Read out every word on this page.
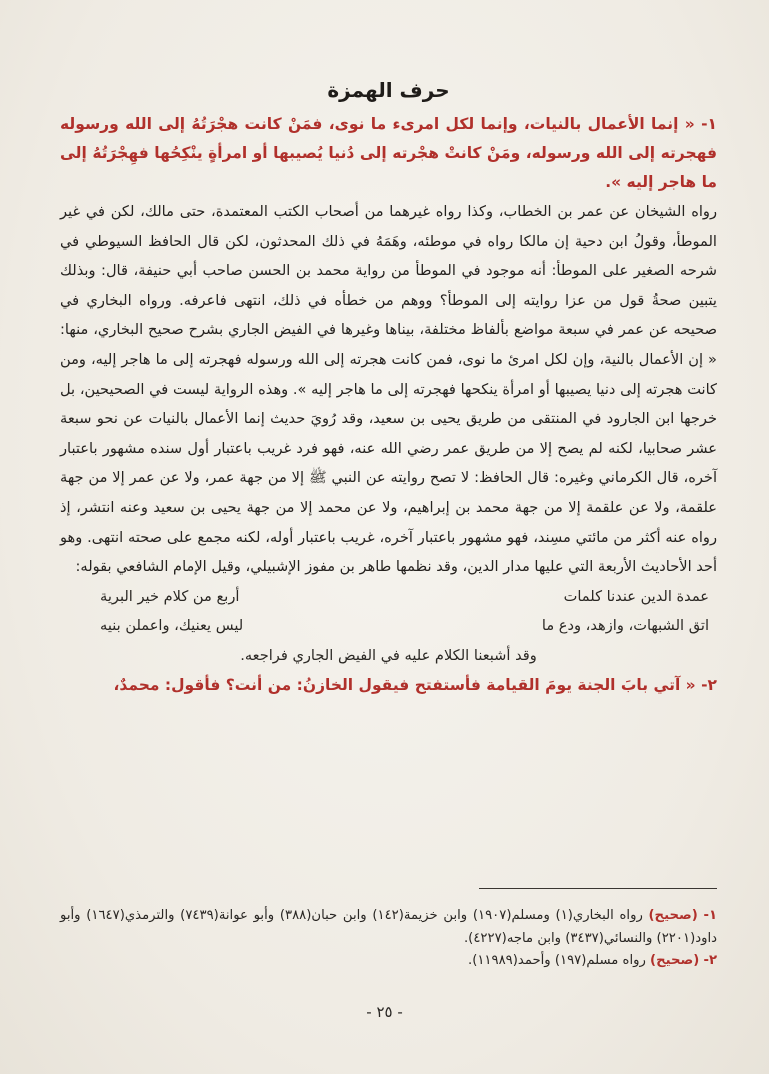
حرف الهمزة

١- « إنما الأعمال بالنيات، وإنما لكل امرىء ما نوى، فمَنْ كانت هجْرَتُهُ إلى الله ورسوله فهجرته إلى الله ورسوله، ومَنْ كانتْ هجْرته إلى دُنيا يُصيبها أو امرأةٍ ينْكِحُها فهِجْرَتُهُ إلى ما هاجر إليه ».

رواه الشيخان عن عمر بن الخطاب، وكذا رواه غيرهما من أصحاب الكتب المعتمدة، حتى مالك، لكن في غير الموطأ، وقولُ ابن دحية إن مالكا رواه في موطئه، وهَمَهُ في ذلك المحدثون، لكن قال الحافظ السيوطي في شرحه الصغير على الموطأ: أنه موجود في الموطأ من رواية محمد بن الحسن صاحب أبي حنيفة، قال: وبذلك يتبين صحةُ قول من عزا روايته إلى الموطأ؟ ووهم من خطأه في ذلك، انتهى فاعرفه. ورواه البخاري في صحيحه عن عمر في سبعة مواضع بألفاظ مختلفة، بيناها وغيرها في الفيض الجاري بشرح صحيح البخاري، منها: « إن الأعمال بالنية، وإن لكل امرئ ما نوى، فمن كانت هجرته إلى الله ورسوله فهجرته إلى ما هاجر إليه، ومن كانت هجرته إلى دنيا يصيبها أو امرأة ينكحها فهجرته إلى ما هاجر إليه ». وهذه الرواية ليست في الصحيحين، بل خرجها ابن الجارود في المنتقى من طريق يحيى بن سعيد، وقد رُويَ حديث إنما الأعمال بالنيات عن نحو سبعة عشر صحابيا، لكنه لم يصح إلا من طريق عمر رضي الله عنه، فهو فرد غريب باعتبار أول سنده مشهور باعتبار آخره، قال الكرماني وغيره: قال الحافظ: لا تصح روايته عن النبي ﷺ إلا من جهة عمر، ولا عن عمر إلا من جهة علقمة، ولا عن علقمة إلا من جهة محمد بن إبراهيم، ولا عن محمد إلا من جهة يحيى بن سعيد وعنه انتشر، إذ رواه عنه أكثر من مائتي مسِند، فهو مشهور باعتبار آخره، غريب باعتبار أوله، لكنه مجمع على صحته انتهى. وهو أحد الأحاديث الأربعة التي عليها مدار الدين، وقد نظمها طاهر بن مفوز الإشبيلي، وقيل الإمام الشافعي بقوله:

عمدة الدين عندنا كلمات
أربع من كلام خير البرية
اتق الشبهات، وازهد، ودع ما
ليس يعنيك، واعملن بنيه
وقد أشبعنا الكلام عليه في الفيض الجاري فراجعه.

٢- « آتي بابَ الجنة يومَ القيامة فأستفتح فيقول الخازنُ: من أنت؟ فأقول: محمدٌ،

١- (صحيح) رواه البخاري(١) ومسلم(١٩٠٧) وابن خزيمة(١٤٢) وابن حبان(٣٨٨) وأبو عوانة(٧٤٣٩) والترمذي(١٦٤٧) وأبو داود(٢٢٠١) والنسائي(٣٤٣٧) وابن ماجه(٤٢٢٧).

٢- (صحيح) رواه مسلم(١٩٧) وأحمد(١١٩٨٩).

- ٢٥ -
